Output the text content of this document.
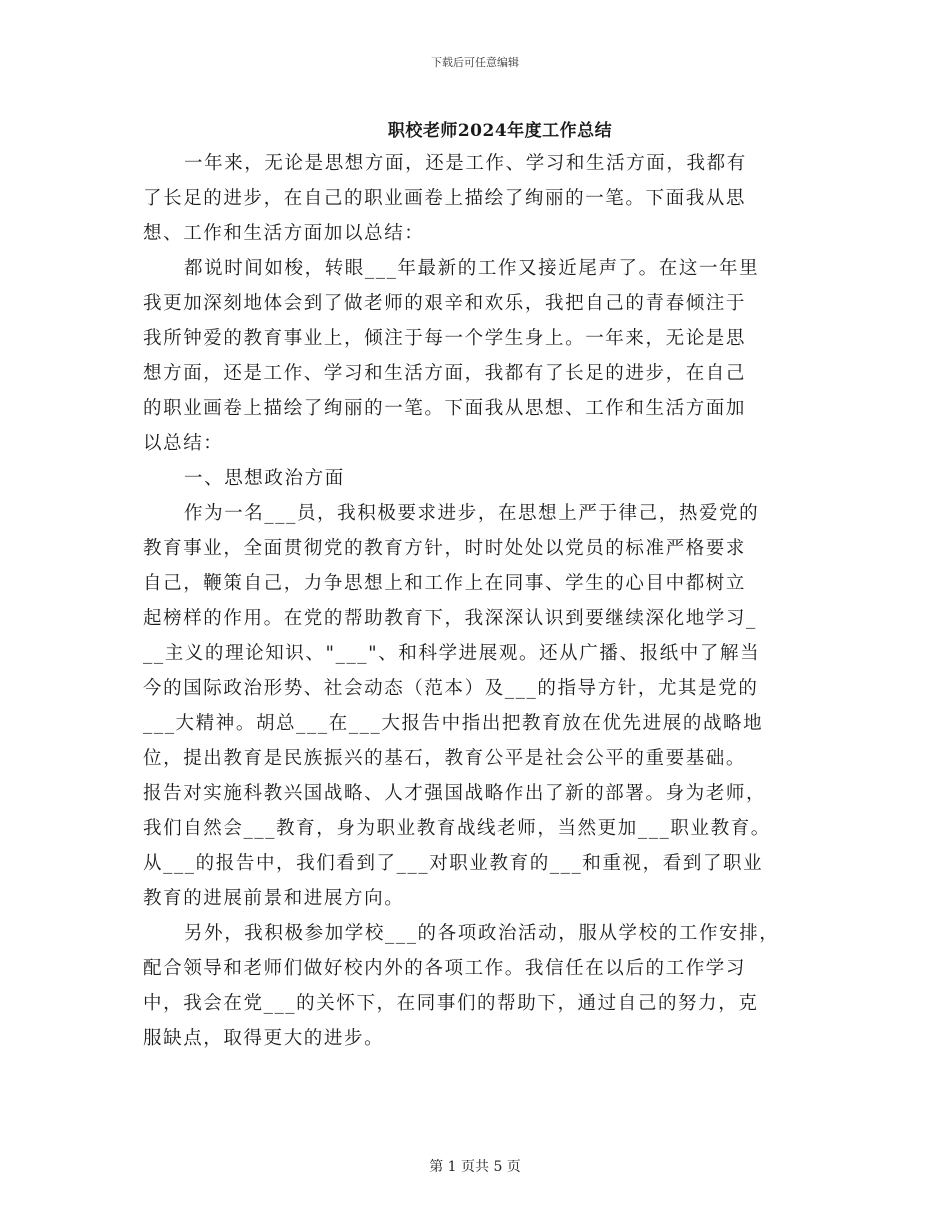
下载后可任意编辑
职校老师2024年度工作总结
一年来，无论是思想方面，还是工作、学习和生活方面，我都有
了长足的进步，在自己的职业画卷上描绘了绚丽的一笔。下面我从思
想、工作和生活方面加以总结：
都说时间如梭，转眼___年最新的工作又接近尾声了。在这一年里
我更加深刻地体会到了做老师的艰辛和欢乐，我把自己的青春倾注于
我所钟爱的教育事业上，倾注于每一个学生身上。一年来，无论是思
想方面，还是工作、学习和生活方面，我都有了长足的进步，在自己
的职业画卷上描绘了绚丽的一笔。下面我从思想、工作和生活方面加
以总结：
一、思想政治方面
作为一名___员，我积极要求进步，在思想上严于律己，热爱党的
教育事业，全面贯彻党的教育方针，时时处处以党员的标准严格要求
自己，鞭策自己，力争思想上和工作上在同事、学生的心目中都树立
起榜样的作用。在党的帮助教育下，我深深认识到要继续深化地学习_
__主义的理论知识、"___"、和科学进展观。还从广播、报纸中了解当
今的国际政治形势、社会动态（范本）及___的指导方针，尤其是党的
___大精神。胡总___在___大报告中指出把教育放在优先进展的战略地
位，提出教育是民族振兴的基石，教育公平是社会公平的重要基础。
报告对实施科教兴国战略、人才强国战略作出了新的部署。身为老师，
我们自然会___教育，身为职业教育战线老师，当然更加___职业教育。
从___的报告中，我们看到了___对职业教育的___和重视，看到了职业
教育的进展前景和进展方向。
另外，我积极参加学校___的各项政治活动，服从学校的工作安排，
配合领导和老师们做好校内外的各项工作。我信任在以后的工作学习
中，我会在党___的关怀下，在同事们的帮助下，通过自己的努力，克
服缺点，取得更大的进步。
第 1 页共 5 页
